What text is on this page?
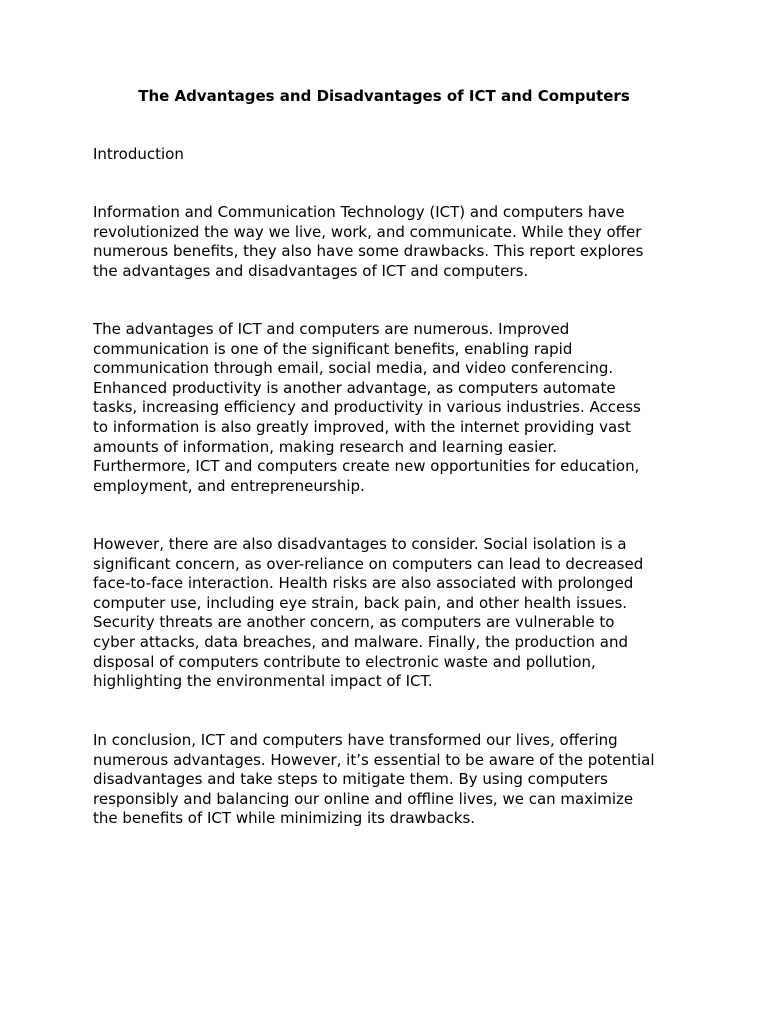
The Advantages and Disadvantages of ICT and Computers

Introduction

Information and Communication Technology (ICT) and computers have
revolutionized the way we live, work, and communicate. While they offer
numerous benefits, they also have some drawbacks. This report explores
the advantages and disadvantages of ICT and computers.

The advantages of ICT and computers are numerous. Improved
communication is one of the significant benefits, enabling rapid
communication through email, social media, and video conferencing.
Enhanced productivity is another advantage, as computers automate
tasks, increasing efficiency and productivity in various industries. Access
to information is also greatly improved, with the internet providing vast
amounts of information, making research and learning easier.
Furthermore, ICT and computers create new opportunities for education,
employment, and entrepreneurship.

However, there are also disadvantages to consider. Social isolation is a
significant concern, as over-reliance on computers can lead to decreased
face-to-face interaction. Health risks are also associated with prolonged
computer use, including eye strain, back pain, and other health issues.
Security threats are another concern, as computers are vulnerable to
cyber attacks, data breaches, and malware. Finally, the production and
disposal of computers contribute to electronic waste and pollution,
highlighting the environmental impact of ICT.

In conclusion, ICT and computers have transformed our lives, offering
numerous advantages. However, it’s essential to be aware of the potential
disadvantages and take steps to mitigate them. By using computers
responsibly and balancing our online and offline lives, we can maximize
the benefits of ICT while minimizing its drawbacks.
